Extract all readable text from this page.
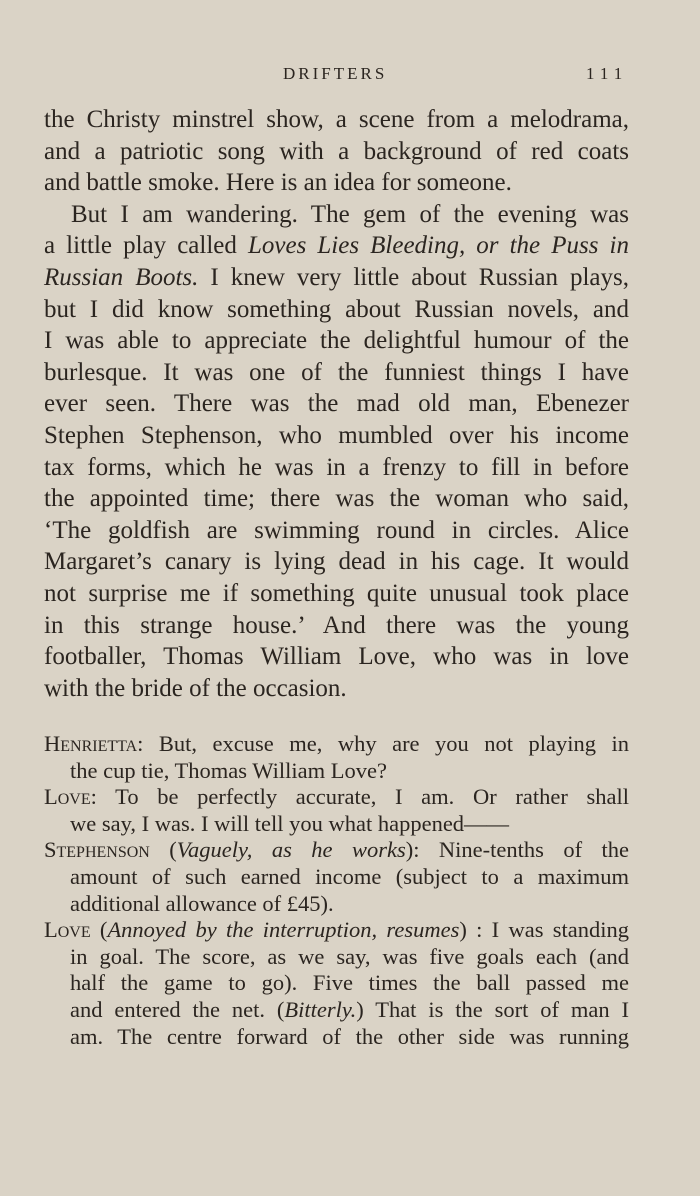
DRIFTERS	111
the Christy minstrel show, a scene from a melodrama,
and a patriotic song with a background of red coats
and battle smoke. Here is an idea for someone.
But I am wandering. The gem of the evening was
a little play called Loves Lies Bleeding, or the Puss in
Russian Boots. I knew very little about Russian plays,
but I did know something about Russian novels, and
I was able to appreciate the delightful humour of the
burlesque. It was one of the funniest things I have
ever seen. There was the mad old man, Ebenezer
Stephen Stephenson, who mumbled over his income
tax forms, which he was in a frenzy to fill in before
the appointed time; there was the woman who said,
‘The goldfish are swimming round in circles. Alice
Margaret’s canary is lying dead in his cage. It would
not surprise me if something quite unusual took place
in this strange house.’ And there was the young
footballer, Thomas William Love, who was in love
with the bride of the occasion.
Henrietta: But, excuse me, why are you not playing in
the cup tie, Thomas William Love?
Love: To be perfectly accurate, I am. Or rather shall
we say, I was. I will tell you what happened——
Stephenson (Vaguely, as he works): Nine-tenths of the
amount of such earned income (subject to a maximum
additional allowance of £45).
Love (Annoyed by the interruption, resumes) : I was standing
in goal. The score, as we say, was five goals each (and
half the game to go). Five times the ball passed me
and entered the net. (Bitterly.) That is the sort of man I
am. The centre forward of the other side was running
